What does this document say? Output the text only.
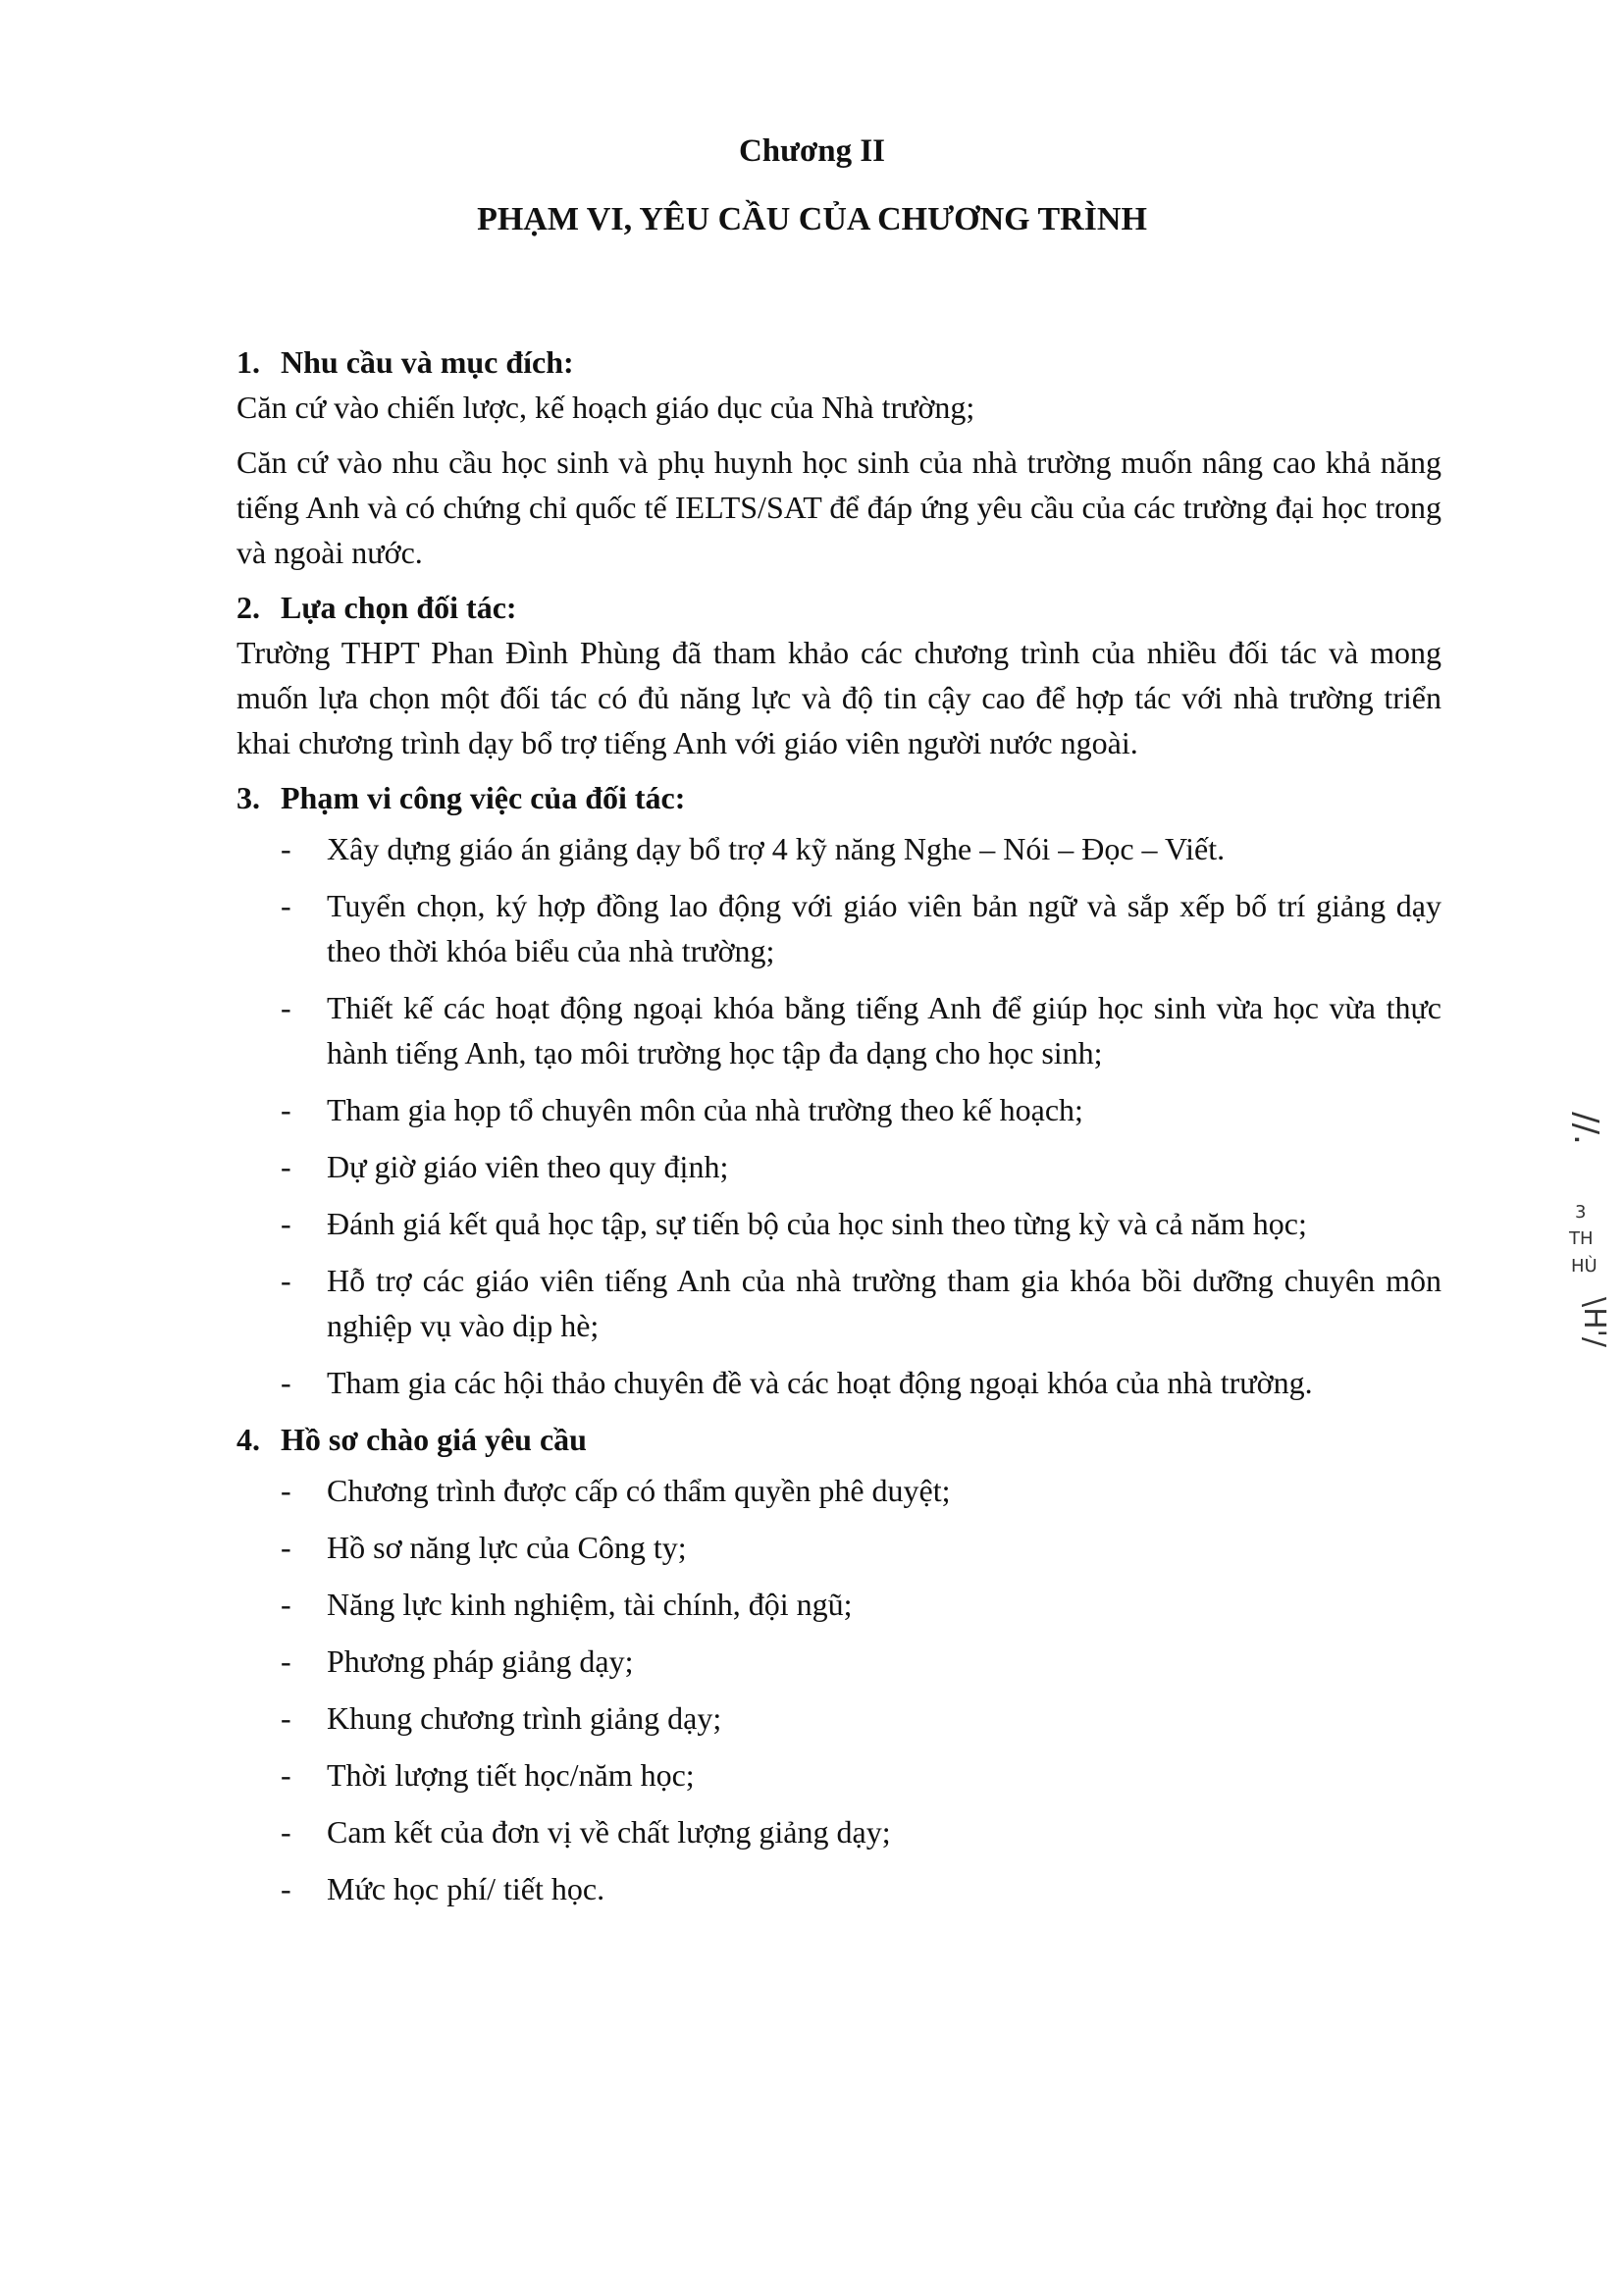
Chương II
PHẠM VI, YÊU CẦU CỦA CHƯƠNG TRÌNH
1. Nhu cầu và mục đích:

Căn cứ vào chiến lược, kế hoạch giáo dục của Nhà trường;

Căn cứ vào nhu cầu học sinh và phụ huynh học sinh của nhà trường muốn nâng cao khả năng tiếng Anh và có chứng chỉ quốc tế IELTS/SAT để đáp ứng yêu cầu của các trường đại học trong và ngoài nước.

2. Lựa chọn đối tác:

Trường THPT Phan Đình Phùng đã tham khảo các chương trình của nhiều đối tác và mong muốn lựa chọn một đối tác có đủ năng lực và độ tin cậy cao để hợp tác với nhà trường triển khai chương trình dạy bổ trợ tiếng Anh với giáo viên người nước ngoài.

3. Phạm vi công việc của đối tác:
- Xây dựng giáo án giảng dạy bổ trợ 4 kỹ năng Nghe – Nói – Đọc – Viết.
- Tuyển chọn, ký hợp đồng lao động với giáo viên bản ngữ và sắp xếp bố trí giảng dạy theo thời khóa biểu của nhà trường;
- Thiết kế các hoạt động ngoại khóa bằng tiếng Anh để giúp học sinh vừa học vừa thực hành tiếng Anh, tạo môi trường học tập đa dạng cho học sinh;
- Tham gia họp tổ chuyên môn của nhà trường theo kế hoạch;
- Dự giờ giáo viên theo quy định;
- Đánh giá kết quả học tập, sự tiến bộ của học sinh theo từng kỳ và cả năm học;
- Hỗ trợ các giáo viên tiếng Anh của nhà trường tham gia khóa bồi dưỡng chuyên môn nghiệp vụ vào dịp hè;
- Tham gia các hội thảo chuyên đề và các hoạt động ngoại khóa của nhà trường.
4. Hồ sơ chào giá yêu cầu
- Chương trình được cấp có thẩm quyền phê duyệt;
- Hồ sơ năng lực của Công ty;
- Năng lực kinh nghiệm, tài chính, đội ngũ;
- Phương pháp giảng dạy;
- Khung chương trình giảng dạy;
- Thời lượng tiết học/năm học;
- Cam kết của đơn vị về chất lượng giảng dạy;
- Mức học phí/ tiết học.
//.
3
TH
HÙ
\H'/
